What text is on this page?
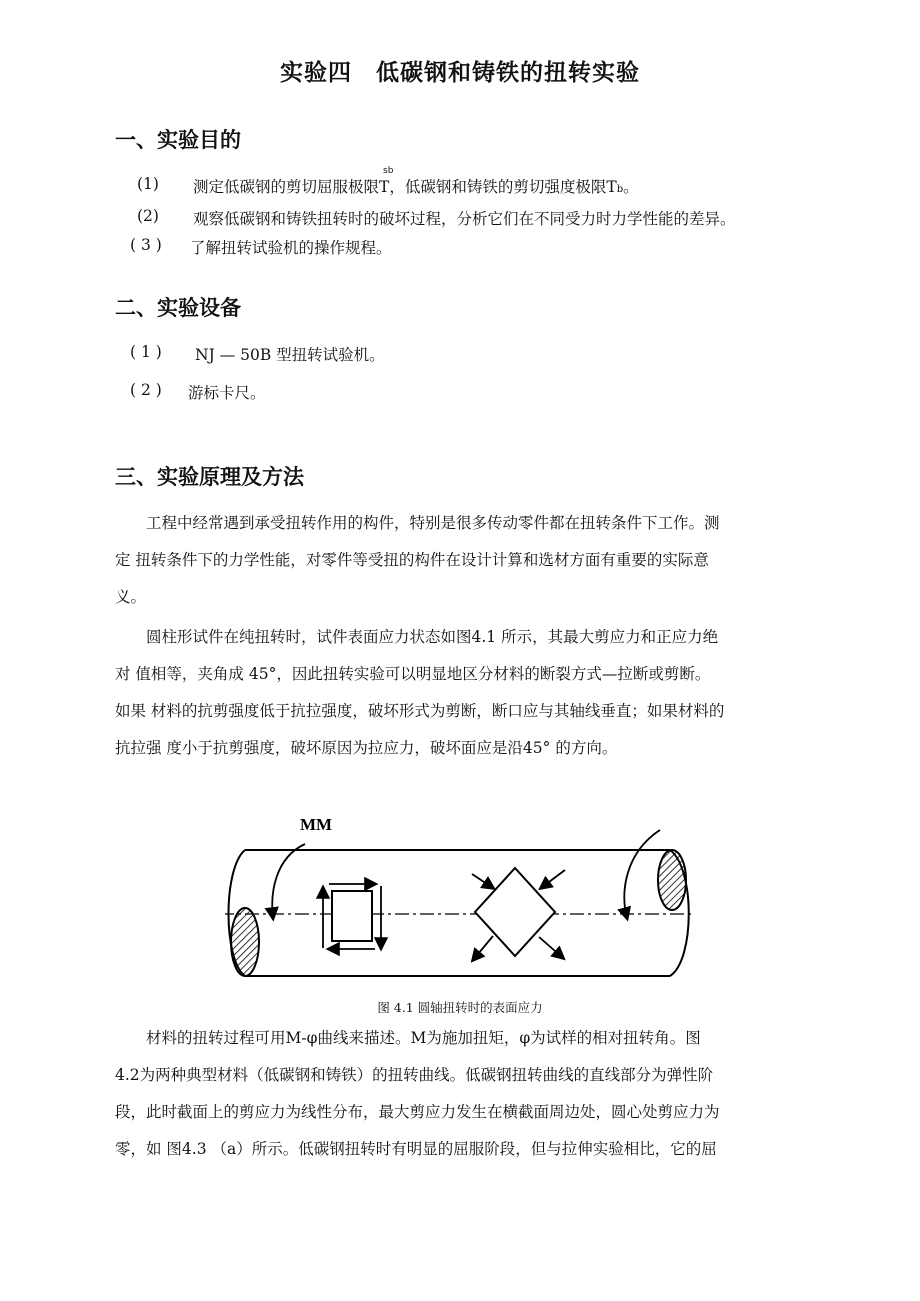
实验四　低碳钢和铸铁的扭转实验
一、实验目的
(1) 测定低碳钢的剪切屈服极限T，低碳钢和铸铁的剪切强度极限Tb。
sb
(2) 观察低碳钢和铸铁扭转时的破坏过程，分析它们在不同受力时力学性能的差异。
( 3 ) 了解扭转试验机的操作规程。
二、实验设备
( 1 ) NJ — 50B 型扭转试验机。
( 2 ) 游标卡尺。
三、实验原理及方法
　　工程中经常遇到承受扭转作用的构件，特别是很多传动零件都在扭转条件下工作。测
定 扭转条件下的力学性能，对零件等受扭的构件在设计计算和选材方面有重要的实际意
义。
　　圆柱形试件在纯扭转时，试件表面应力状态如图4.1 所示，其最大剪应力和正应力绝
对 值相等，夹角成 45°，因此扭转实验可以明显地区分材料的断裂方式—拉断或剪断。
如果 材料的抗剪强度低于抗拉强度，破坏形式为剪断，断口应与其轴线垂直；如果材料的
抗拉强 度小于抗剪强度，破坏原因为拉应力，破坏面应是沿45° 的方向。
MM
图 4.1 圆轴扭转时的表面应力
　　材料的扭转过程可用M-φ曲线来描述。M为施加扭矩，φ为试样的相对扭转角。图
4.2为两种典型材料（低碳钢和铸铁）的扭转曲线。低碳钢扭转曲线的直线部分为弹性阶
段，此时截面上的剪应力为线性分布，最大剪应力发生在横截面周边处，圆心处剪应力为
零，如 图4.3 （a）所示。低碳钢扭转时有明显的屈服阶段，但与拉伸实验相比，它的屈
